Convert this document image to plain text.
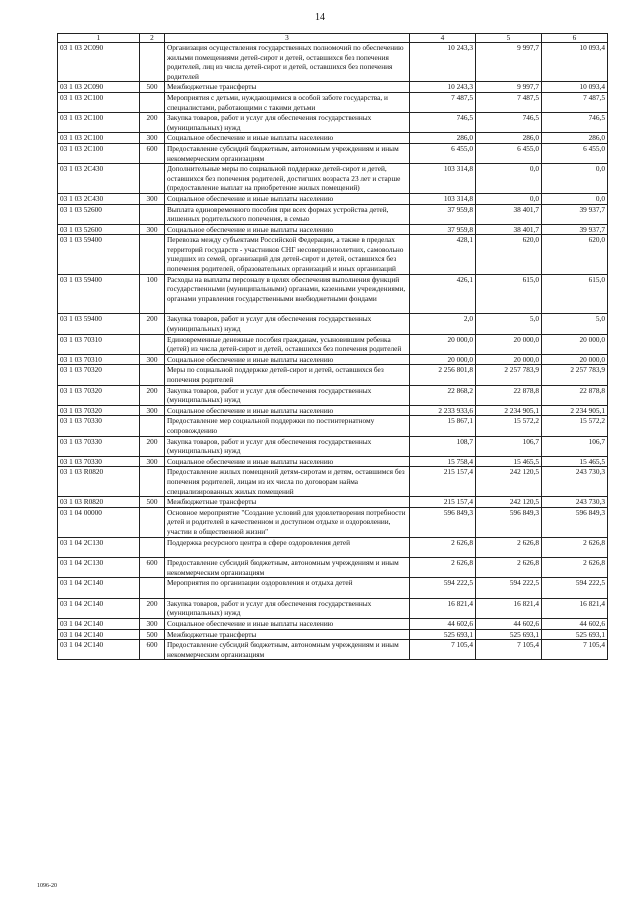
14
1	2	3	4	5	6
03 1 03 2C090		Организация осуществления государственных полномочий по обеспечению жилыми помещениями детей-сирот и детей, оставшихся без попечения родителей, лиц из числа детей-сирот и детей, оставшихся без попечения родителей	10 243,3	9 997,7	10 093,4
03 1 03 2C090	500	Межбюджетные трансферты	10 243,3	9 997,7	10 093,4
03 1 03 2C100		Мероприятия с детьми, нуждающимися в особой заботе государства, и специалистами, работающими с такими детьми	7 487,5	7 487,5	7 487,5
03 1 03 2C100	200	Закупка товаров, работ и услуг для обеспечения государственных (муниципальных) нужд	746,5	746,5	746,5
03 1 03 2C100	300	Социальное обеспечение и иные выплаты населению	286,0	286,0	286,0
03 1 03 2C100	600	Предоставление субсидий бюджетным, автономным учреждениям и иным некоммерческим организациям	6 455,0	6 455,0	6 455,0
03 1 03 2C430		Дополнительные меры по социальной поддержке детей-сирот и детей, оставшихся без попечения родителей, достигших возраста 23 лет и старше (предоставление выплат на приобретение жилых помещений)	103 314,8	0,0	0,0
03 1 03 2C430	300	Социальное обеспечение и иные выплаты населению	103 314,8	0,0	0,0
03 1 03 52600		Выплата единовременного пособия при всех формах устройства детей, лишенных родительского попечения, в семью	37 959,8	38 401,7	39 937,7
03 1 03 52600	300	Социальное обеспечение и иные выплаты населению	37 959,8	38 401,7	39 937,7
03 1 03 59400		Перевозка между субъектами Российской Федерации, а также в пределах территорий государств - участников СНГ несовершеннолетних, самовольно ушедших из семей, организаций для детей-сирот и детей, оставшихся без попечения родителей, образовательных организаций и иных организаций	428,1	620,0	620,0
03 1 03 59400	100	Расходы на выплаты персоналу в целях обеспечения выполнения функций государственными (муниципальными) органами, казенными учреждениями, органами управления государственными внебюджетными фондами	426,1	615,0	615,0
03 1 03 59400	200	Закупка товаров, работ и услуг для обеспечения государственных (муниципальных) нужд	2,0	5,0	5,0
03 1 03 70310		Единовременные денежные пособия гражданам, усыновившим ребенка (детей) из числа детей-сирот и детей, оставшихся без попечения родителей	20 000,0	20 000,0	20 000,0
03 1 03 70310	300	Социальное обеспечение и иные выплаты населению	20 000,0	20 000,0	20 000,0
03 1 03 70320		Меры по социальной поддержке детей-сирот и детей, оставшихся без попечения родителей	2 256 801,8	2 257 783,9	2 257 783,9
03 1 03 70320	200	Закупка товаров, работ и услуг для обеспечения государственных (муниципальных) нужд	22 868,2	22 878,8	22 878,8
03 1 03 70320	300	Социальное обеспечение и иные выплаты населению	2 233 933,6	2 234 905,1	2 234 905,1
03 1 03 70330		Предоставление мер социальной поддержки по постинтернатному сопровождению	15 867,1	15 572,2	15 572,2
03 1 03 70330	200	Закупка товаров, работ и услуг для обеспечения государственных (муниципальных) нужд	108,7	106,7	106,7
03 1 03 70330	300	Социальное обеспечение и иные выплаты населению	15 758,4	15 465,5	15 465,5
03 1 03 R0820		Предоставление жилых помещений детям-сиротам и детям, оставшимся без попечения родителей, лицам из их числа по договорам найма специализированных жилых помещений	215 157,4	242 120,5	243 730,3
03 1 03 R0820	500	Межбюджетные трансферты	215 157,4	242 120,5	243 730,3
03 1 04 00000		Основное мероприятие "Создание условий для удовлетворения потребности детей и родителей в качественном и доступном отдыхе и оздоровлении, участии в общественной жизни"	596 849,3	596 849,3	596 849,3
03 1 04 2C130		Поддержка ресурсного центра в сфере оздоровления детей	2 626,8	2 626,8	2 626,8
03 1 04 2C130	600	Предоставление субсидий бюджетным, автономным учреждениям и иным некоммерческим организациям	2 626,8	2 626,8	2 626,8
03 1 04 2C140		Мероприятия по организации оздоровления и отдыха детей	594 222,5	594 222,5	594 222,5
03 1 04 2C140	200	Закупка товаров, работ и услуг для обеспечения государственных (муниципальных) нужд	16 821,4	16 821,4	16 821,4
03 1 04 2C140	300	Социальное обеспечение и иные выплаты населению	44 602,6	44 602,6	44 602,6
03 1 04 2C140	500	Межбюджетные трансферты	525 693,1	525 693,1	525 693,1
03 1 04 2C140	600	Предоставление субсидий бюджетным, автономным учреждениям и иным некоммерческим организациям	7 105,4	7 105,4	7 105,4
1096-20
